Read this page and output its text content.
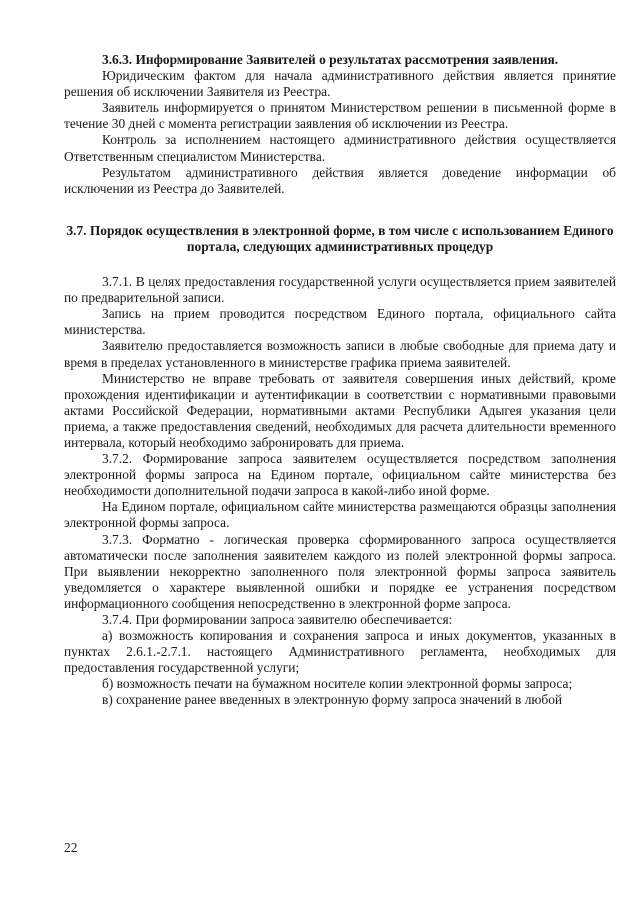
3.6.3. Информирование Заявителей о результатах рассмотрения заявления.

Юридическим фактом для начала административного действия является принятие решения об исключении Заявителя из Реестра.

Заявитель информируется о принятом Министерством решении в письменной форме в течение 30 дней с момента регистрации заявления об исключении из Реестра.

Контроль за исполнением настоящего административного действия осуществляется Ответственным специалистом Министерства.

Результатом административного действия является доведение информации об исключении из Реестра до Заявителей.

3.7. Порядок осуществления в электронной форме, в том числе с использованием Единого портала, следующих административных процедур

3.7.1. В целях предоставления государственной услуги осуществляется прием заявителей по предварительной записи.

Запись на прием проводится посредством Единого портала, официального сайта министерства.

Заявителю предоставляется возможность записи в любые свободные для приема дату и время в пределах установленного в министерстве графика приема заявителей.

Министерство не вправе требовать от заявителя совершения иных действий, кроме прохождения идентификации и аутентификации в соответствии с нормативными правовыми актами Российской Федерации, нормативными актами Республики Адыгея указания цели приема, а также предоставления сведений, необходимых для расчета длительности временного интервала, который необходимо забронировать для приема.

3.7.2. Формирование запроса заявителем осуществляется посредством заполнения электронной формы запроса на Едином портале, официальном сайте министерства без необходимости дополнительной подачи запроса в какой-либо иной форме.

На Едином портале, официальном сайте министерства размещаются образцы заполнения электронной формы запроса.

3.7.3. Форматно - логическая проверка сформированного запроса осуществляется автоматически после заполнения заявителем каждого из полей электронной формы запроса. При выявлении некорректно заполненного поля электронной формы запроса заявитель уведомляется о характере выявленной ошибки и порядке ее устранения посредством информационного сообщения непосредственно в электронной форме запроса.

3.7.4. При формировании запроса заявителю обеспечивается:

а) возможность копирования и сохранения запроса и иных документов, указанных в пунктах 2.6.1.-2.7.1. настоящего Административного регламента, необходимых для предоставления государственной услуги;

б) возможность печати на бумажном носителе копии электронной формы запроса;

в) сохранение ранее введенных в электронную форму запроса значений в любой

22
